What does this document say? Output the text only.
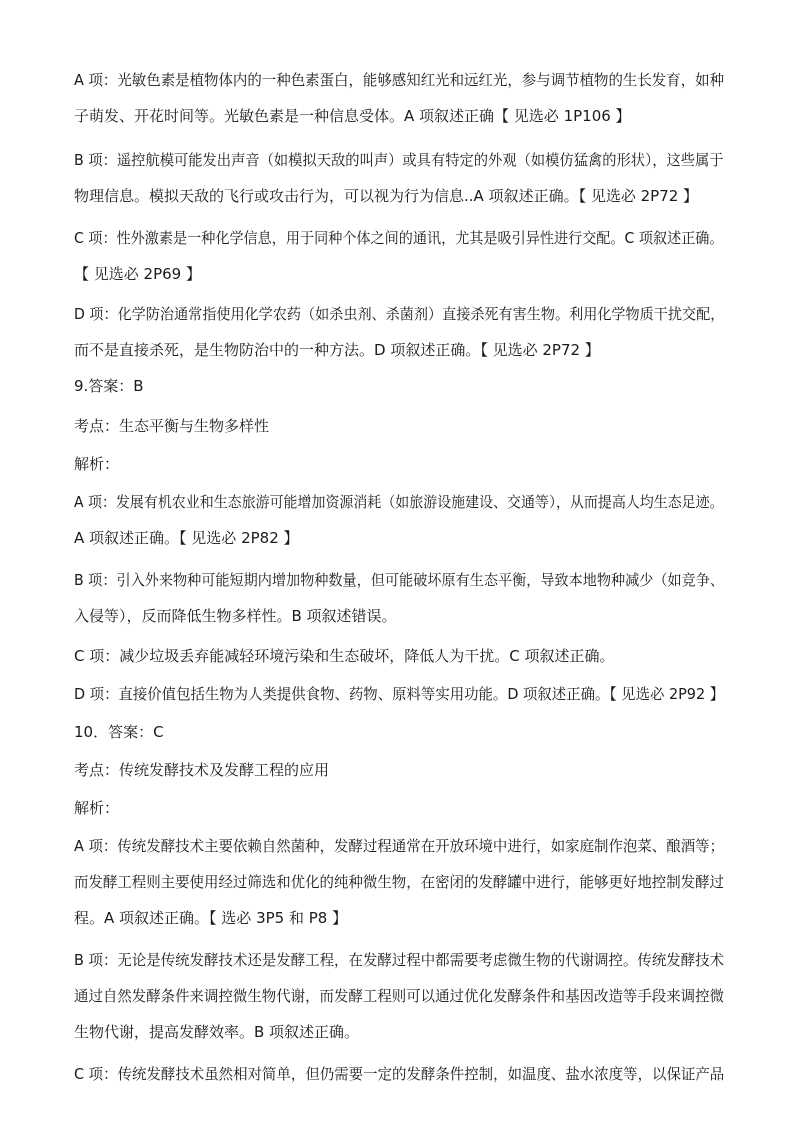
A 项：光敏色素是植物体内的一种色素蛋白，能够感知红光和远红光，参与调节植物的生长发育，如种
子萌发、开花时间等。光敏色素是一种信息受体。A 项叙述正确【 见选必 1P106 】
B 项：遥控航模可能发出声音（如模拟天敌的叫声）或具有特定的外观（如模仿猛禽的形状），这些属于
物理信息。模拟天敌的飞行或攻击行为，可以视为行为信息..A 项叙述正确。【 见选必 2P72 】
C 项：性外激素是一种化学信息，用于同种个体之间的通讯，尤其是吸引异性进行交配。C 项叙述正确。
【 见选必 2P69 】
D 项：化学防治通常指使用化学农药（如杀虫剂、杀菌剂）直接杀死有害生物。利用化学物质干扰交配，
而不是直接杀死，是生物防治中的一种方法。D 项叙述正确。【 见选必 2P72 】
9.答案：B
考点：生态平衡与生物多样性
解析：
A 项：发展有机农业和生态旅游可能增加资源消耗（如旅游设施建设、交通等），从而提高人均生态足迹。
A 项叙述正确。【 见选必 2P82 】
B 项：引入外来物种可能短期内增加物种数量，但可能破坏原有生态平衡，导致本地物种减少（如竞争、
入侵等），反而降低生物多样性。B 项叙述错误。
C 项：减少垃圾丢弃能减轻环境污染和生态破坏，降低人为干扰。C 项叙述正确。
D 项：直接价值包括生物为人类提供食物、药物、原料等实用功能。D 项叙述正确。【 见选必 2P92 】
10．答案：C
考点：传统发酵技术及发酵工程的应用
解析：
A 项：传统发酵技术主要依赖自然菌种，发酵过程通常在开放环境中进行，如家庭制作泡菜、酿酒等；
而发酵工程则主要使用经过筛选和优化的纯种微生物，在密闭的发酵罐中进行，能够更好地控制发酵过
程。A 项叙述正确。【 选必 3P5 和 P8 】
B 项：无论是传统发酵技术还是发酵工程，在发酵过程中都需要考虑微生物的代谢调控。传统发酵技术
通过自然发酵条件来调控微生物代谢，而发酵工程则可以通过优化发酵条件和基因改造等手段来调控微
生物代谢，提高发酵效率。B 项叙述正确。
C 项：传统发酵技术虽然相对简单，但仍需要一定的发酵条件控制，如温度、盐水浓度等，以保证产品
